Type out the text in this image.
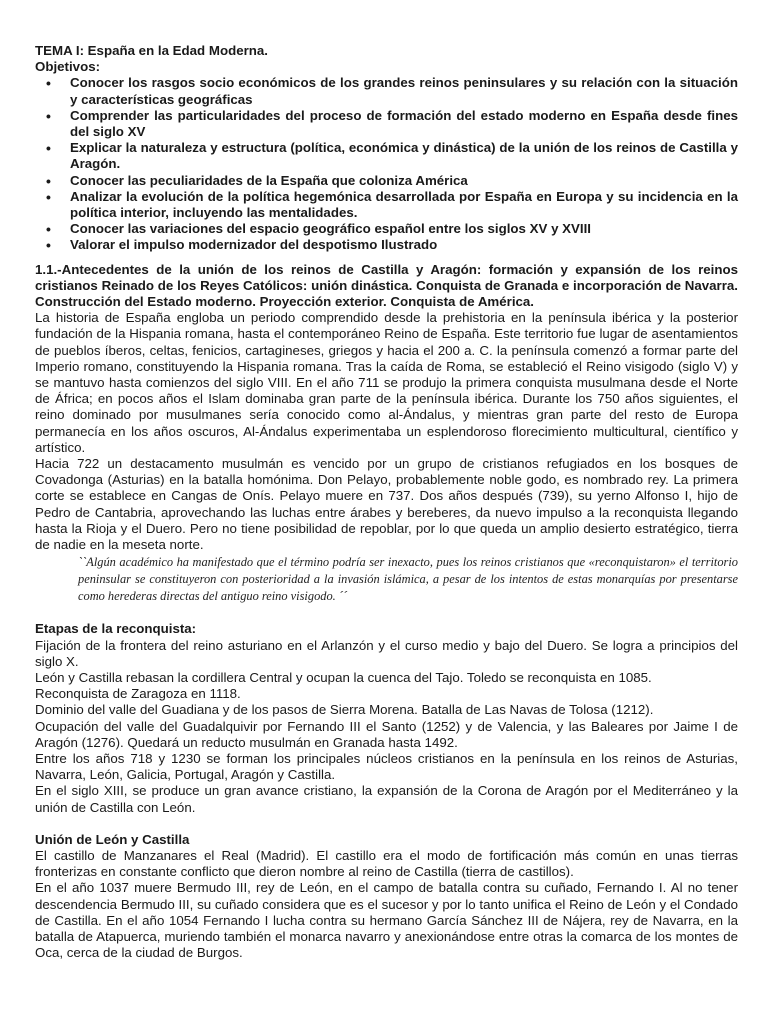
TEMA I: España en la Edad Moderna.

Objetivos:

• Conocer los rasgos socio económicos de los grandes reinos peninsulares y su relación con la situación y características geográficas
• Comprender las particularidades del proceso de formación del estado moderno en España desde fines del siglo XV
• Explicar la naturaleza y estructura (política, económica y dinástica) de la unión de los reinos de Castilla y Aragón.
• Conocer las peculiaridades de la España que coloniza América
• Analizar la evolución de la política hegemónica desarrollada por España en Europa y su incidencia en la política interior, incluyendo las mentalidades.
• Conocer las variaciones del espacio geográfico español entre los siglos XV y XVIII
• Valorar el impulso modernizador del despotismo Ilustrado

1.1.-Antecedentes de la unión de los reinos de Castilla y Aragón: formación y expansión de los reinos cristianos Reinado de los Reyes Católicos: unión dinástica. Conquista de Granada e incorporación de Navarra. Construcción del Estado moderno. Proyección exterior. Conquista de América.

La historia de España engloba un periodo comprendido desde la prehistoria en la península ibérica y la posterior fundación de la Hispania romana, hasta el contemporáneo Reino de España. Este territorio fue lugar de asentamientos de pueblos íberos, celtas, fenicios, cartagineses, griegos y hacia el 200 a. C. la península comenzó a formar parte del Imperio romano, constituyendo la Hispania romana. Tras la caída de Roma, se estableció el Reino visigodo (siglo V) y se mantuvo hasta comienzos del siglo VIII. En el año 711 se produjo la primera conquista musulmana desde el Norte de África; en pocos años el Islam dominaba gran parte de la península ibérica. Durante los 750 años siguientes, el reino dominado por musulmanes sería conocido como al-Ándalus, y mientras gran parte del resto de Europa permanecía en los años oscuros, Al-Ándalus experimentaba un esplendoroso florecimiento multicultural, científico y artístico.

Hacia 722 un destacamento musulmán es vencido por un grupo de cristianos refugiados en los bosques de Covadonga (Asturias) en la batalla homónima. Don Pelayo, probablemente noble godo, es nombrado rey. La primera corte se establece en Cangas de Onís. Pelayo muere en 737. Dos años después (739), su yerno Alfonso I, hijo de Pedro de Cantabria, aprovechando las luchas entre árabes y bereberes, da nuevo impulso a la reconquista llegando hasta la Rioja y el Duero. Pero no tiene posibilidad de repoblar, por lo que queda un amplio desierto estratégico, tierra de nadie en la meseta norte.

``Algún académico ha manifestado que el término podría ser inexacto, pues los reinos cristianos que «reconquistaron» el territorio peninsular se constituyeron con posterioridad a la invasión islámica, a pesar de los intentos de estas monarquías por presentarse como herederas directas del antiguo reino visigodo. ´´

Etapas de la reconquista:

Fijación de la frontera del reino asturiano en el Arlanzón y el curso medio y bajo del Duero. Se logra a principios del siglo X.

León y Castilla rebasan la cordillera Central y ocupan la cuenca del Tajo. Toledo se reconquista en 1085.

Reconquista de Zaragoza en 1118.

Dominio del valle del Guadiana y de los pasos de Sierra Morena. Batalla de Las Navas de Tolosa (1212).

Ocupación del valle del Guadalquivir por Fernando III el Santo (1252) y de Valencia, y las Baleares por Jaime I de Aragón (1276). Quedará un reducto musulmán en Granada hasta 1492.

Entre los años 718 y 1230 se forman los principales núcleos cristianos en la península en los reinos de Asturias, Navarra, León, Galicia, Portugal, Aragón y Castilla.

En el siglo XIII, se produce un gran avance cristiano, la expansión de la Corona de Aragón por el Mediterráneo y la unión de Castilla con León.

Unión de León y Castilla

El castillo de Manzanares el Real (Madrid). El castillo era el modo de fortificación más común en unas tierras fronterizas en constante conflicto que dieron nombre al reino de Castilla (tierra de castillos).

En el año 1037 muere Bermudo III, rey de León, en el campo de batalla contra su cuñado, Fernando I. Al no tener descendencia Bermudo III, su cuñado considera que es el sucesor y por lo tanto unifica el Reino de León y el Condado de Castilla. En el año 1054 Fernando I lucha contra su hermano García Sánchez III de Nájera, rey de Navarra, en la batalla de Atapuerca, muriendo también el monarca navarro y anexionándose entre otras la comarca de los montes de Oca, cerca de la ciudad de Burgos.
